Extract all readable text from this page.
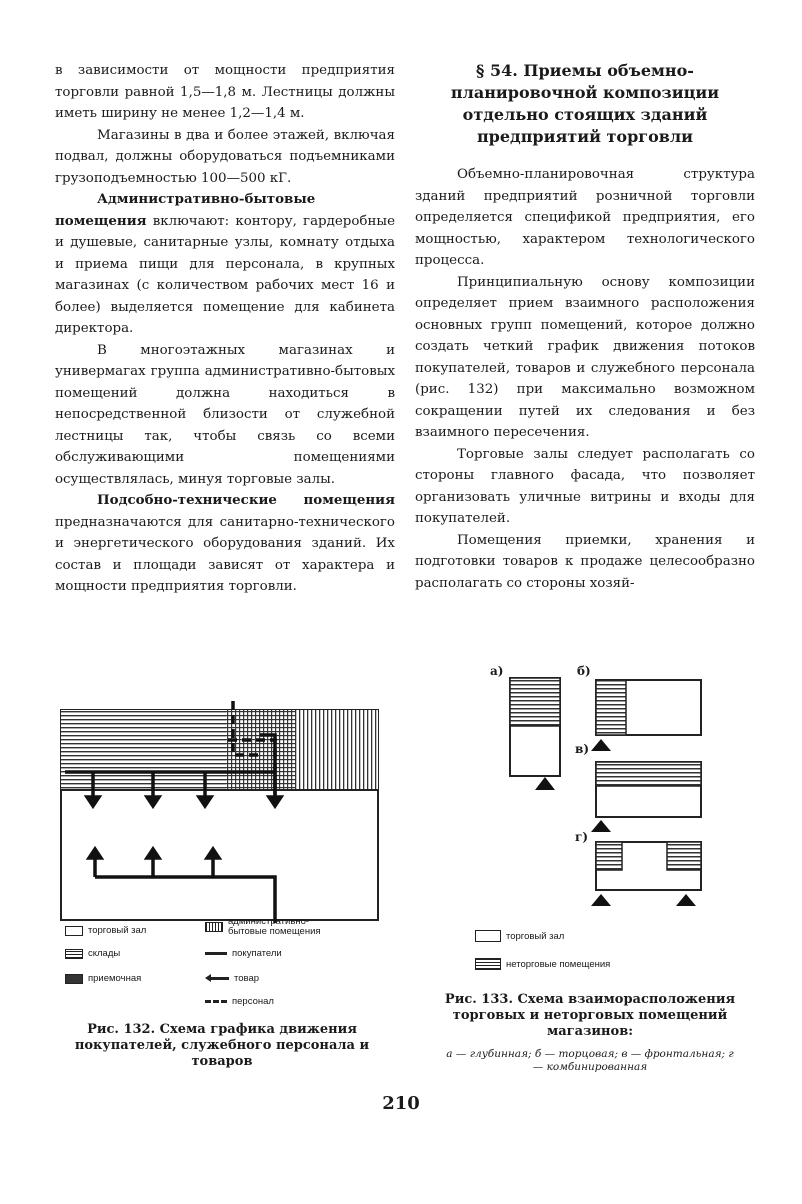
в зависимости от мощности предприятия торговли равной 1,5—1,8 м. Лестницы должны иметь ширину не менее 1,2—1,4 м.

Магазины в два и более этажей, включая подвал, должны оборудоваться подъемниками грузоподъемностью 100—500 кГ.

Административно-бытовые помещения включают: контору, гардеробные и душевые, санитарные узлы, комнату отдыха и приема пищи для персонала, в крупных магазинах (с количеством рабочих мест 16 и более) выделяется помещение для кабинета директора.

В многоэтажных магазинах и универмагах группа административно-бытовых помещений должна находиться в непосредственной близости от служебной лестницы так, чтобы связь со всеми обслуживающими помещениями осуществлялась, минуя торговые залы.

Подсобно-технические помещения предназначаются для санитарно-технического и энергетического оборудования зданий. Их состав и площади зависят от характера и мощности предприятия торговли.

§ 54. Приемы объемно-планировочной композиции отдельно стоящих зданий предприятий торговли

Объемно-планировочная структура зданий предприятий розничной торговли определяется спецификой предприятия, его мощностью, характером технологического процесса.

Принципиальную основу композиции определяет прием взаимного расположения основных групп помещений, которое должно создать четкий график движения потоков покупателей, товаров и служебного персонала (рис. 132) при максимально возможном сокращении путей их следования и без взаимного пересечения.

Торговые залы следует располагать со стороны главного фасада, что позволяет организовать уличные витрины и входы для покупателей.

Помещения приемки, хранения и подготовки товаров к продаже целесообразно располагать со стороны хозяй-

торговый зал
склады
приемочная
административно-бытовые помещения
покупатели
товар
персонал
Рис. 132. Схема графика движения покупателей, служебного персонала и товаров
а)	б)
в)
г)
торговый зал
неторговые помещения
Рис. 133. Схема взаиморасположения торговых и неторговых помещений магазинов:
а — глубинная; б — торцовая; в — фронтальная; г — комбинированная
210
